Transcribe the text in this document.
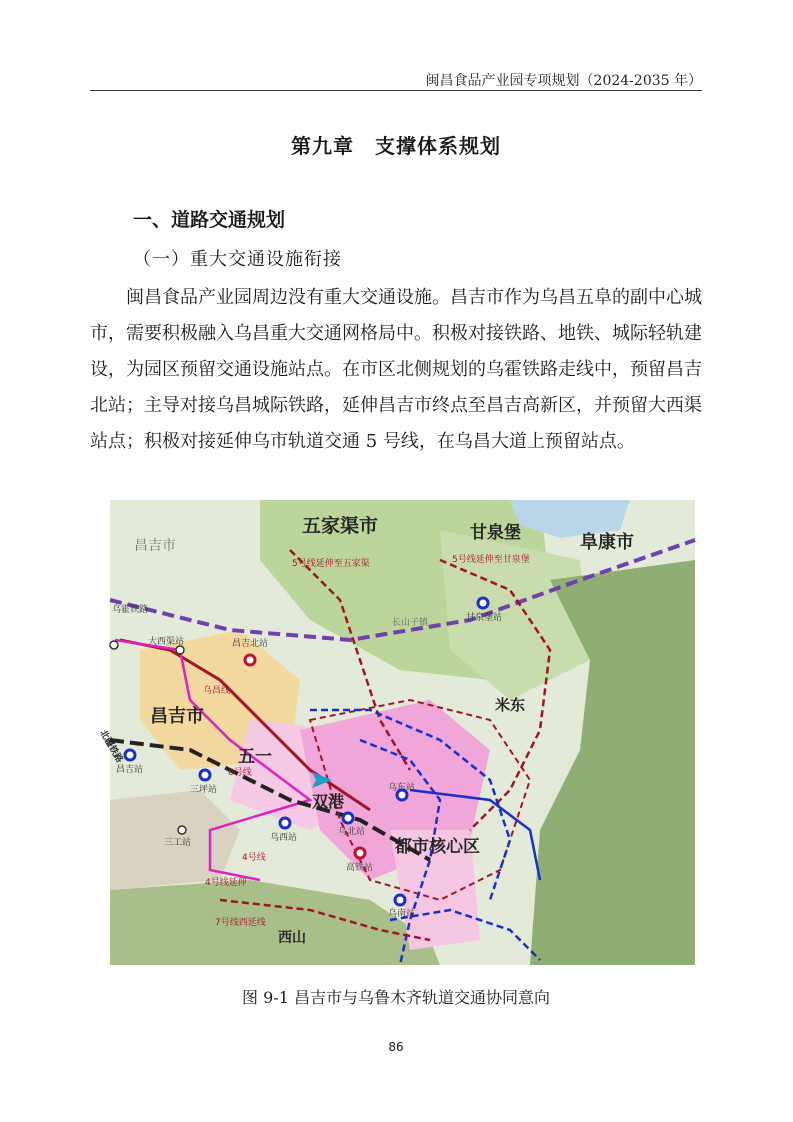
闽昌食品产业园专项规划（2024-2035 年）
第九章　支撑体系规划
一、道路交通规划
（一）重大交通设施衔接

闽昌食品产业园周边没有重大交通设施。昌吉市作为乌昌五阜的副中心城市，需要积极融入乌昌重大交通网格局中。积极对接铁路、地铁、城际轻轨建设，为园区预留交通设施站点。在市区北侧规划的乌霍铁路走线中，预留昌吉北站；主导对接乌昌城际铁路，延伸昌吉市终点至昌吉高新区，并预留大西渠站点；积极对接延伸乌市轨道交通 5 号线，在乌昌大道上预留站点。

五家渠市	甘泉堡	阜康市
昌吉市
五一
双港
都市核心区
米东
西山
昌吉市
5号线延伸至五家渠	5号线延伸至甘泉堡
乌霍铁路
北疆铁路
乌昌线
6号线
4号线
4号线延伸
7号线西延线
大西渠站	昌吉北站
昌吉站
三坪站
三工站	乌西站
乌北站
乌东站
高铁站
乌南站
甘泉堡站
长山子镇
图 9-1 昌吉市与乌鲁木齐轨道交通协同意向
86
